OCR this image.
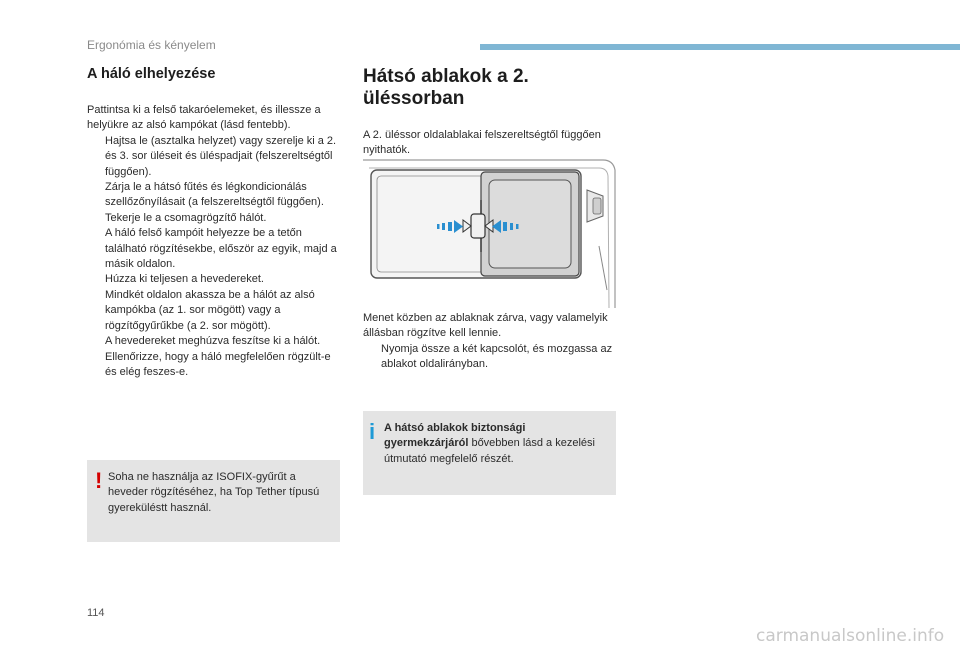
Ergonómia és kényelem
A háló elhelyezése

Pattintsa ki a felső takaróelemeket, és illessze a helyükre az alsó kampókat (lásd fentebb).

Hajtsa le (asztalka helyzet) vagy szerelje ki a 2. és 3. sor üléseit és üléspadjait (felszereltségtől függően).
Zárja le a hátsó fűtés és légkondicionálás szellőzőnyílásait (a felszereltségtől függően).
Tekerje le a csomagrögzítő hálót.
A háló felső kampóit helyezze be a tetőn található rögzítésekbe, először az egyik, majd a másik oldalon.
Húzza ki teljesen a hevedereket.
Mindkét oldalon akassza be a hálót az alsó kampókba (az 1. sor mögött) vagy a rögzítőgyűrűkbe (a 2. sor mögött).
A hevedereket meghúzva feszítse ki a hálót.
Ellenőrizze, hogy a háló megfelelően rögzült-e és elég feszes-e.
! Soha ne használja az ISOFIX-gyűrűt a heveder rögzítéséhez, ha Top Tether típusú gyereküléstt használ.
Hátsó ablakok a 2. üléssorban

A 2. üléssor oldalablakai felszereltségtől függően nyithatók.

Menet közben az ablaknak zárva, vagy valamelyik állásban rögzítve kell lennie.

Nyomja össze a két kapcsolót, és mozgassa az ablakot oldalirányban.
i A hátsó ablakok biztonsági gyermekzárjáról bővebben lásd a kezelési útmutató megfelelő részét.
114
carmanualsonline.info
